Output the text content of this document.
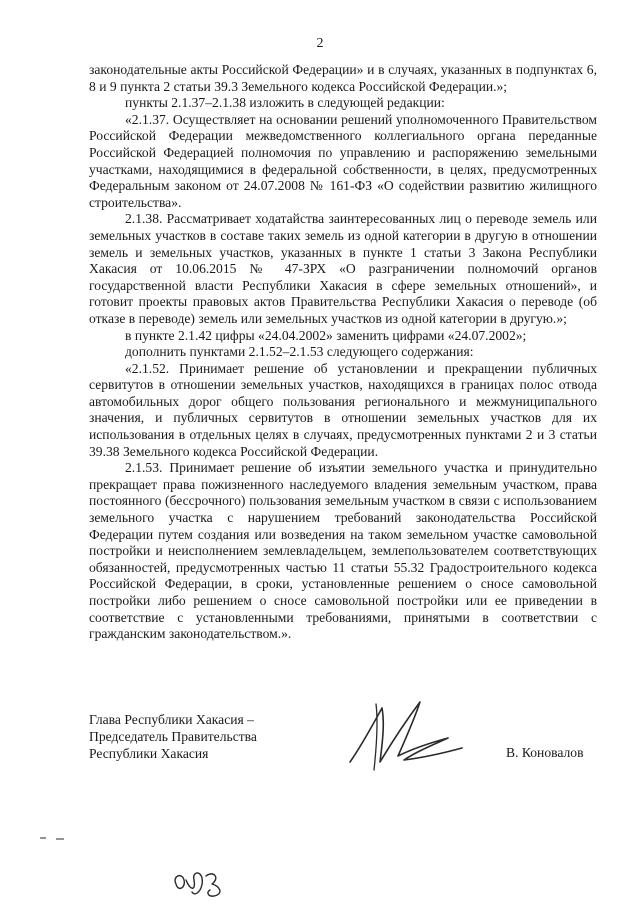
2

законодательные акты Российской Федерации» и в случаях, указанных в подпунктах 6, 8 и 9 пункта 2 статьи 39.3 Земельного кодекса Российской Федерации.»;

пункты 2.1.37–2.1.38 изложить в следующей редакции:

«2.1.37. Осуществляет на основании решений уполномоченного Правительством Российской Федерации межведомственного коллегиального органа переданные Российской Федерацией полномочия по управлению и распоряжению земельными участками, находящимися в федеральной собственности, в целях, предусмотренных Федеральным законом от 24.07.2008 № 161-ФЗ «О содействии развитию жилищного строительства».

2.1.38. Рассматривает ходатайства заинтересованных лиц о переводе земель или земельных участков в составе таких земель из одной категории в другую в отношении земель и земельных участков, указанных в пункте 1 статьи 3 Закона Республики Хакасия от 10.06.2015 № 47-ЗРХ «О разграничении полномочий органов государственной власти Республики Хакасия в сфере земельных отношений», и готовит проекты правовых актов Правительства Республики Хакасия о переводе (об отказе в переводе) земель или земельных участков из одной категории в другую.»;

в пункте 2.1.42 цифры «24.04.2002» заменить цифрами «24.07.2002»;

дополнить пунктами 2.1.52–2.1.53 следующего содержания:

«2.1.52. Принимает решение об установлении и прекращении публичных сервитутов в отношении земельных участков, находящихся в границах полос отвода автомобильных дорог общего пользования регионального и межмуниципального значения, и публичных сервитутов в отношении земельных участков для их использования в отдельных целях в случаях, предусмотренных пунктами 2 и 3 статьи 39.38 Земельного кодекса Российской Федерации.

2.1.53. Принимает решение об изъятии земельного участка и принудительно прекращает права пожизненного наследуемого владения земельным участком, права постоянного (бессрочного) пользования земельным участком в связи с использованием земельного участка с нарушением требований законодательства Российской Федерации путем создания или возведения на таком земельном участке самовольной постройки и неисполнением землевладельцем, землепользователем соответствующих обязанностей, предусмотренных частью 11 статьи 55.32 Градостроительного кодекса Российской Федерации, в сроки, установленные решением о сносе самовольной постройки либо решением о сносе самовольной постройки или ее приведении в соответствие с установленными требованиями, принятыми в соответствии с гражданским законодательством.».

Глава Республики Хакасия –
Председатель Правительства
Республики Хакасия	В. Коновалов
